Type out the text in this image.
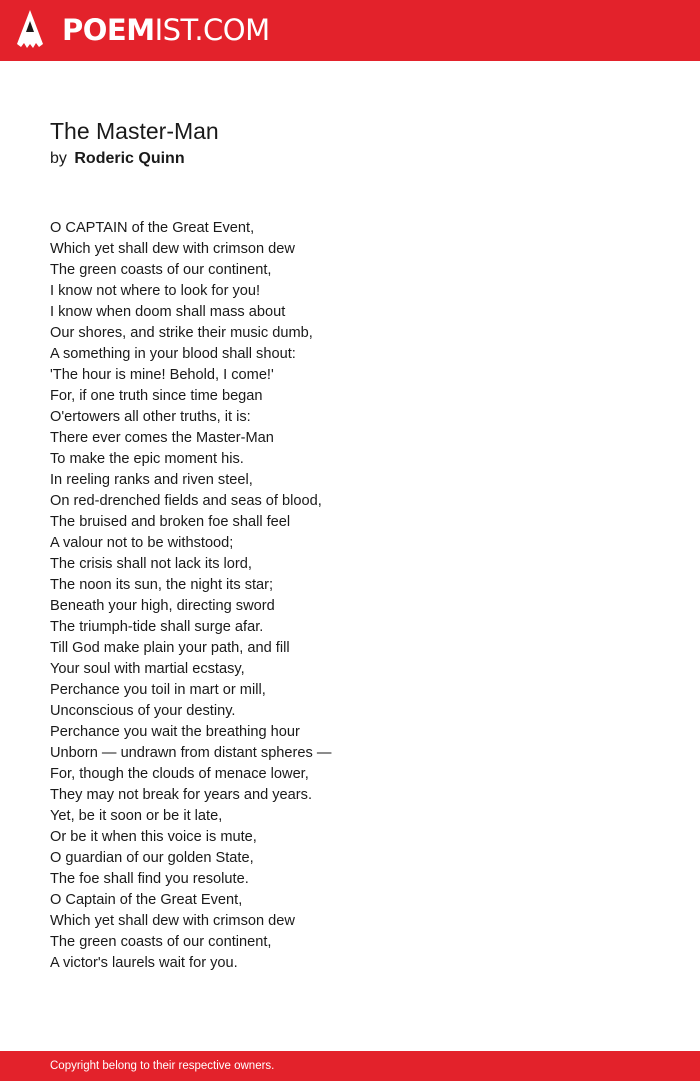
POEMIST.COM
The Master-Man
by Roderic Quinn
O CAPTAIN of the Great Event,
Which yet shall dew with crimson dew
The green coasts of our continent,
I know not where to look for you!
I know when doom shall mass about
Our shores, and strike their music dumb,
A something in your blood shall shout:
'The hour is mine! Behold, I come!'
For, if one truth since time began
O'ertowers all other truths, it is:
There ever comes the Master-Man
To make the epic moment his.
In reeling ranks and riven steel,
On red-drenched fields and seas of blood,
The bruised and broken foe shall feel
A valour not to be withstood;
The crisis shall not lack its lord,
The noon its sun, the night its star;
Beneath your high, directing sword
The triumph-tide shall surge afar.
Till God make plain your path, and fill
Your soul with martial ecstasy,
Perchance you toil in mart or mill,
Unconscious of your destiny.
Perchance you wait the breathing hour
Unborn — undrawn from distant spheres —
For, though the clouds of menace lower,
They may not break for years and years.
Yet, be it soon or be it late,
Or be it when this voice is mute,
O guardian of our golden State,
The foe shall find you resolute.
O Captain of the Great Event,
Which yet shall dew with crimson dew
The green coasts of our continent,
A victor's laurels wait for you.
Copyright belong to their respective owners.
